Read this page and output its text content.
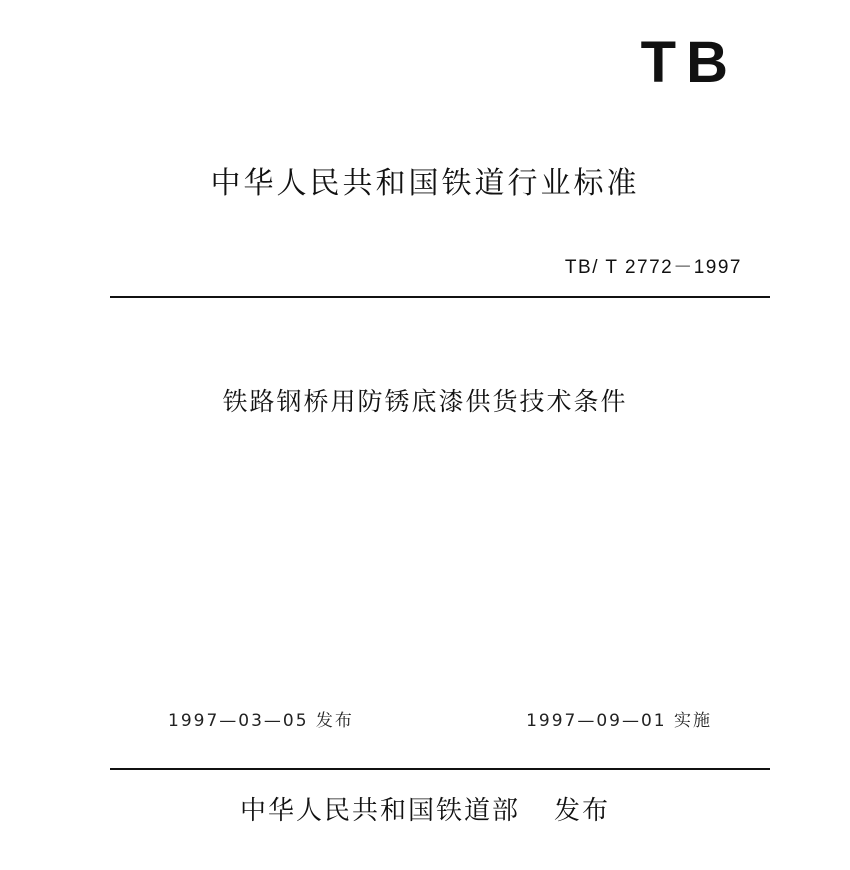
TB
中华人民共和国铁道行业标准
TB/ T 2772－1997
铁路钢桥用防锈底漆供货技术条件
1997—03—05 发布	1997—09—01 实施
中华人民共和国铁道部 发布
